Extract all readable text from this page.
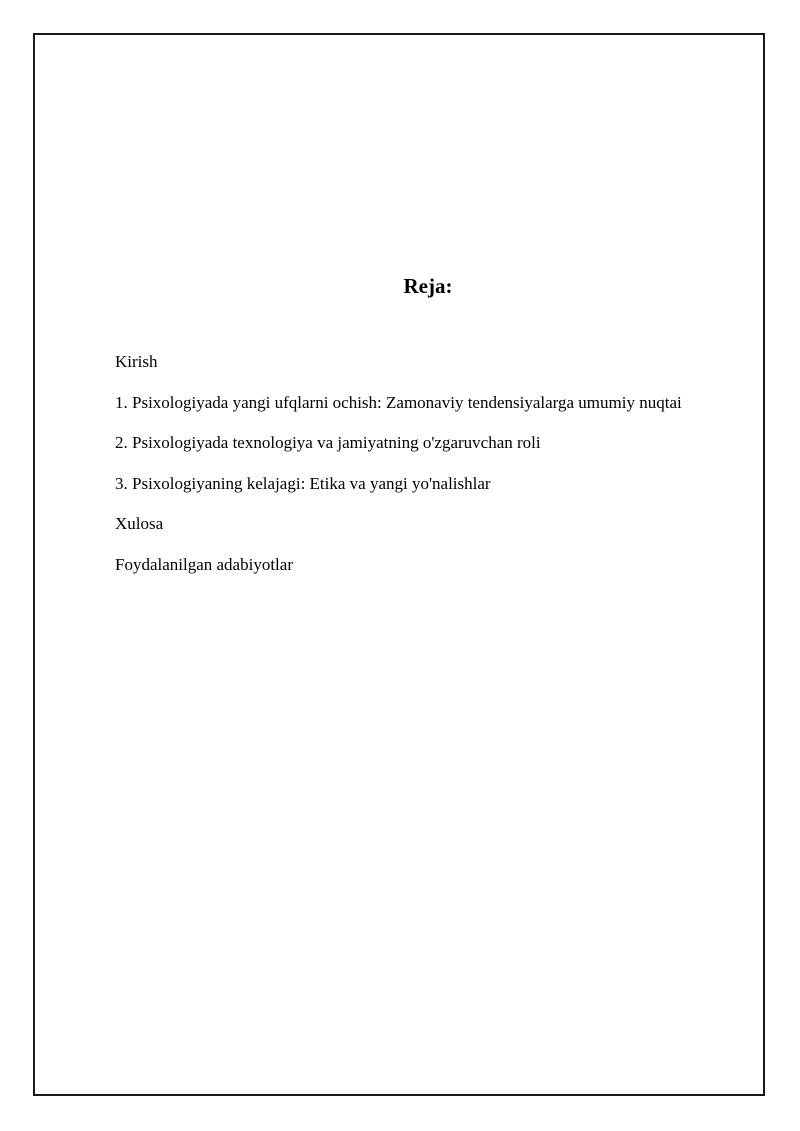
Reja:
Kirish
1. Psixologiyada yangi ufqlarni ochish: Zamonaviy tendensiyalarga umumiy nuqtai
2. Psixologiyada texnologiya va jamiyatning o'zgaruvchan roli
3. Psixologiyaning kelajagi: Etika va yangi yo'nalishlar
Xulosa
Foydalanilgan adabiyotlar
